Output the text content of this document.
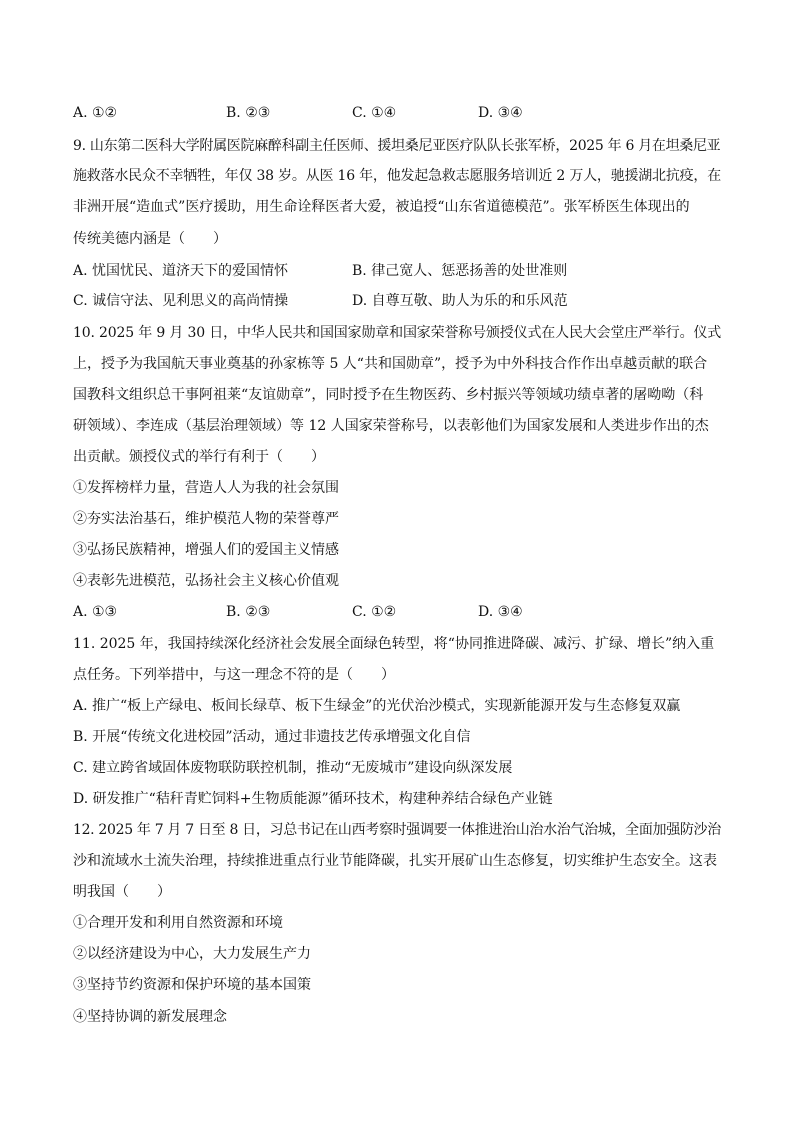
A. ①②	B. ②③	C. ①④	D. ③④
9. 山东第二医科大学附属医院麻醉科副主任医师、援坦桑尼亚医疗队队长张军桥，2025 年 6 月在坦桑尼亚
施救落水民众不幸牺牲，年仅 38 岁。从医 16 年，他发起急救志愿服务培训近 2 万人，驰援湖北抗疫，在
非洲开展“造血式”医疗援助，用生命诠释医者大爱，被追授“山东省道德模范”。张军桥医生体现出的
传统美德内涵是（　　）
A. 忧国忧民、道济天下的爱国情怀	B. 律己宽人、惩恶扬善的处世准则
C. 诚信守法、见利思义的高尚情操	D. 自尊互敬、助人为乐的和乐风范
10. 2025 年 9 月 30 日，中华人民共和国国家勋章和国家荣誉称号颁授仪式在人民大会堂庄严举行。仪式
上，授予为我国航天事业奠基的孙家栋等 5 人“共和国勋章”，授予为中外科技合作作出卓越贡献的联合
国教科文组织总干事阿祖莱“友谊勋章”，同时授予在生物医药、乡村振兴等领域功绩卓著的屠呦呦（科
研领域）、李连成（基层治理领域）等 12 人国家荣誉称号，以表彰他们为国家发展和人类进步作出的杰
出贡献。颁授仪式的举行有利于（　　）
①发挥榜样力量，营造人人为我的社会氛围
②夯实法治基石，维护模范人物的荣誉尊严
③弘扬民族精神，增强人们的爱国主义情感
④表彰先进模范，弘扬社会主义核心价值观
A. ①③	B. ②③	C. ①②	D. ③④
11. 2025 年，我国持续深化经济社会发展全面绿色转型，将“协同推进降碳、减污、扩绿、增长”纳入重
点任务。下列举措中，与这一理念不符的是（　　）
A. 推广“板上产绿电、板间长绿草、板下生绿金”的光伏治沙模式，实现新能源开发与生态修复双赢
B. 开展“传统文化进校园”活动，通过非遗技艺传承增强文化自信
C. 建立跨省域固体废物联防联控机制，推动“无废城市”建设向纵深发展
D. 研发推广“秸秆青贮饲料+生物质能源”循环技术，构建种养结合绿色产业链
12. 2025 年 7 月 7 日至 8 日，习总书记在山西考察时强调要一体推进治山治水治气治城，全面加强防沙治
沙和流域水土流失治理，持续推进重点行业节能降碳，扎实开展矿山生态修复，切实维护生态安全。这表
明我国（　　）
①合理开发和利用自然资源和环境
②以经济建设为中心，大力发展生产力
③坚持节约资源和保护环境的基本国策
④坚持协调的新发展理念
